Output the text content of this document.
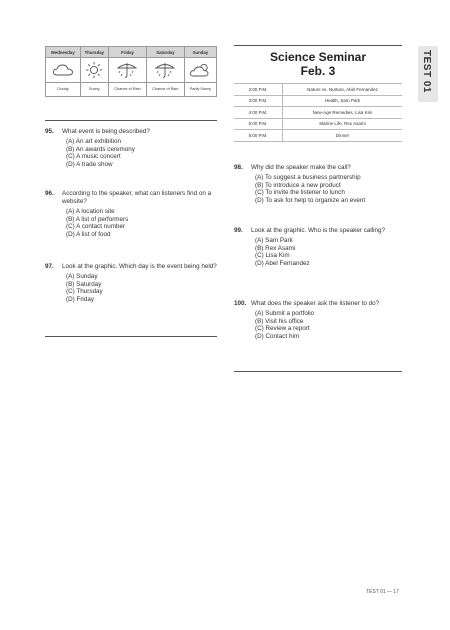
Wednesday	Thursday	Friday	Saturday	Sunday

Cloudy	Sunny	Chance of Rain	Chance of Rain	Partly Sunny
95. What event is being described?
(A) An art exhibition
(B) An awards ceremony
(C) A music concert
(D) A trade show
96. According to the speaker, what can listeners find on a website?
(A) A location site
(B) A list of performers
(C) A contact number
(D) A list of food
97. Look at the graphic. Which day is the event being held?
(A) Sunday
(B) Saturday
(C) Thursday
(D) Friday
Science Seminar
Feb. 3
2:00 P.M.	Nature vs. Nurture, Abel Fernandez
3:00 P.M.	Health, Sam Park
4:00 P.M.	New-Age Remedies, Lisa Kim
5:00 P.M.	Marine Life, Rex Asami
6:00 P.M.	Dinner
98. Why did the speaker make the call?
(A) To suggest a business partnership
(B) To introduce a new product
(C) To invite the listener to lunch
(D) To ask for help to organize an event
99. Look at the graphic. Who is the speaker calling?
(A) Sam Park
(B) Rex Asami
(C) Lisa Kim
(D) Abel Fernandez
100. What does the speaker ask the listener to do?
(A) Submit a portfolio
(B) Visit his office
(C) Review a report
(D) Contact him
TEST 01
TEST 01 — 17
